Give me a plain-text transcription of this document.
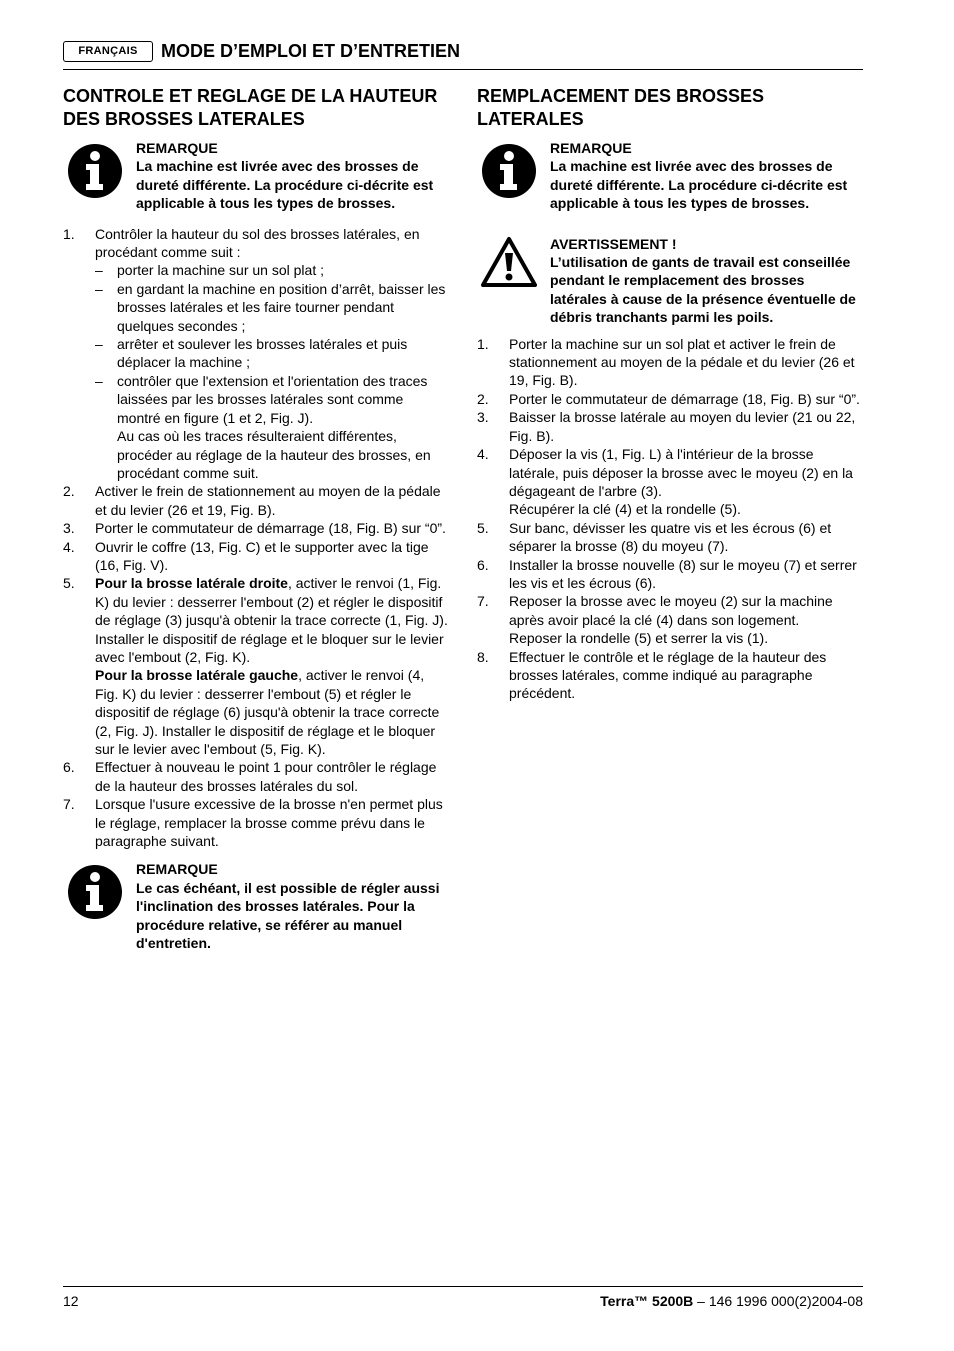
FRANÇAIS	MODE D’EMPLOI ET D’ENTRETIEN
CONTROLE ET REGLAGE DE LA HAUTEUR DES BROSSES LATERALES
REMARQUE
La machine est livrée avec des brosses de dureté différente. La procédure ci-décrite est applicable à tous les types de brosses.
1. Contrôler la hauteur du sol des brosses latérales, en procédant comme suit :
– porter la machine sur un sol plat ;
– en gardant la machine en position d’arrêt, baisser les brosses latérales et les faire tourner pendant quelques secondes ;
– arrêter et soulever les brosses latérales et puis déplacer la machine ;
– contrôler que l'extension et l'orientation des traces laissées par les brosses latérales sont comme montré en figure (1 et 2, Fig. J).
Au cas où les traces résulteraient différentes, procéder au réglage de la hauteur des brosses, en procédant comme suit.
2. Activer le frein de stationnement au moyen de la pédale et du levier (26 et 19, Fig. B).
3. Porter le commutateur de démarrage (18, Fig. B) sur “0”.
4. Ouvrir le coffre (13, Fig. C) et le supporter avec la tige (16, Fig. V).
5. Pour la brosse latérale droite, activer le renvoi (1, Fig. K) du levier : desserrer l'embout (2) et régler le dispositif de réglage (3) jusqu'à obtenir la trace correcte (1, Fig. J). Installer le dispositif de réglage et le bloquer sur le levier avec l'embout (2, Fig. K).
Pour la brosse latérale gauche, activer le renvoi (4, Fig. K) du levier : desserrer l'embout (5) et régler le dispositif de réglage (6) jusqu'à obtenir la trace correcte (2, Fig. J). Installer le dispositif de réglage et le bloquer sur le levier avec l'embout (5, Fig. K).
6. Effectuer à nouveau le point 1 pour contrôler le réglage de la hauteur des brosses latérales du sol.
7. Lorsque l'usure excessive de la brosse n'en permet plus le réglage, remplacer la brosse comme prévu dans le paragraphe suivant.
REMARQUE
Le cas échéant, il est possible de régler aussi l'inclination des brosses latérales. Pour la procédure relative, se référer au manuel d'entretien.
REMPLACEMENT DES BROSSES LATERALES
REMARQUE
La machine est livrée avec des brosses de dureté différente. La procédure ci-décrite est applicable à tous les types de brosses.
AVERTISSEMENT !
L’utilisation de gants de travail est conseillée pendant le remplacement des brosses latérales à cause de la présence éventuelle de débris tranchants parmi les poils.
1. Porter la machine sur un sol plat et activer le frein de stationnement au moyen de la pédale et du levier (26 et 19, Fig. B).
2. Porter le commutateur de démarrage (18, Fig. B) sur “0”.
3. Baisser la brosse latérale au moyen du levier (21 ou 22, Fig. B).
4. Déposer la vis (1, Fig. L) à l'intérieur de la brosse latérale, puis déposer la brosse avec le moyeu (2) en la dégageant de l'arbre (3).
Récupérer la clé (4) et la rondelle (5).
5. Sur banc, dévisser les quatre vis et les écrous (6) et séparer la brosse (8) du moyeu (7).
6. Installer la brosse nouvelle (8) sur le moyeu (7) et serrer les vis et les écrous (6).
7. Reposer la brosse avec le moyeu (2) sur la machine après avoir placé la clé (4) dans son logement.
Reposer la rondelle (5) et serrer la vis (1).
8. Effectuer le contrôle et le réglage de la hauteur des brosses latérales, comme indiqué au paragraphe précédent.
12	Terra™ 5200B – 146 1996 000(2)2004-08
